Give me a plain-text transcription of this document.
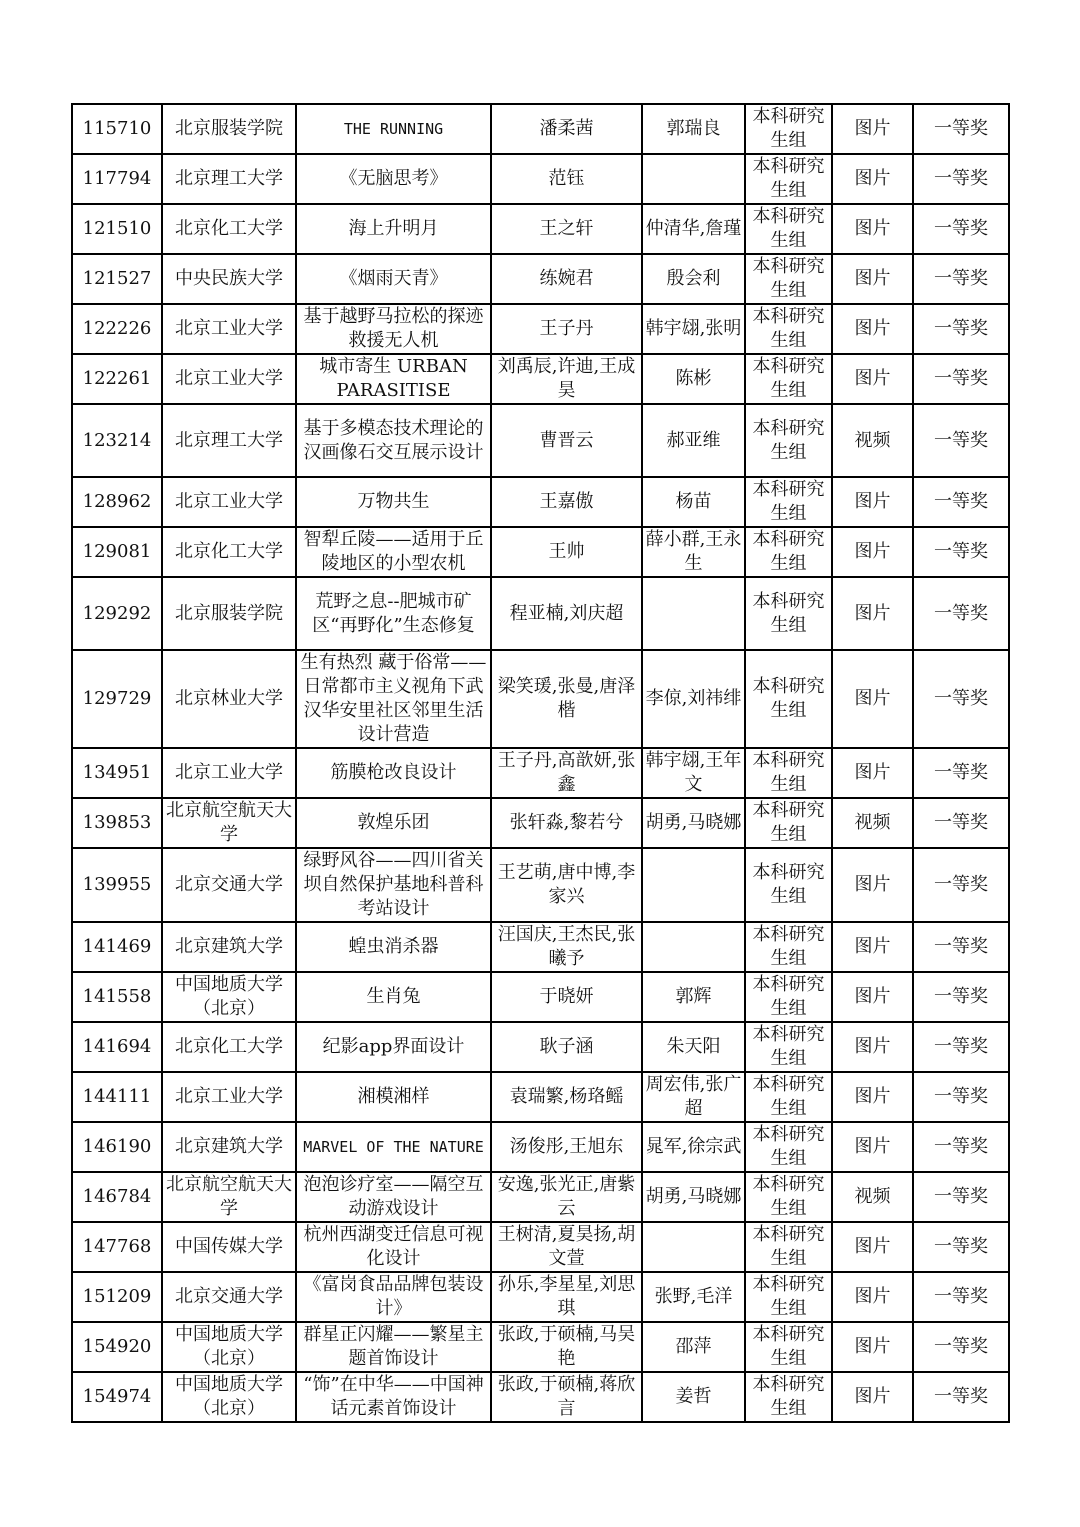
115710	北京服装学院	THE RUNNING	潘柔茜	郭瑞良	本科研究生组	图片	一等奖
117794	北京理工大学	《无脑思考》	范钰		本科研究生组	图片	一等奖
121510	北京化工大学	海上升明月	王之轩	仲清华,詹瑾	本科研究生组	图片	一等奖
121527	中央民族大学	《烟雨天青》	练婉君	殷会利	本科研究生组	图片	一等奖
122226	北京工业大学	基于越野马拉松的探迹救援无人机	王子丹	韩宇翃,张明	本科研究生组	图片	一等奖
122261	北京工业大学	城市寄生 URBAN PARASITISE	刘禹辰,许迪,王成昊	陈彬	本科研究生组	图片	一等奖
123214	北京理工大学	基于多模态技术理论的汉画像石交互展示设计	曹晋云	郝亚维	本科研究生组	视频	一等奖
128962	北京工业大学	万物共生	王嘉傲	杨苗	本科研究生组	图片	一等奖
129081	北京化工大学	智犁丘陵——适用于丘陵地区的小型农机	王帅	薛小群,王永生	本科研究生组	图片	一等奖
129292	北京服装学院	荒野之息--肥城市矿区“再野化”生态修复	程亚楠,刘庆超		本科研究生组	图片	一等奖
129729	北京林业大学	生有热烈 藏于俗常——日常都市主义视角下武汉华安里社区邻里生活设计营造	梁笑瑗,张曼,唐泽楷	李倞,刘祎绯	本科研究生组	图片	一等奖
134951	北京工业大学	筋膜枪改良设计	王子丹,高歆妍,张鑫	韩宇翃,王年文	本科研究生组	图片	一等奖
139853	北京航空航天大学	敦煌乐团	张轩淼,黎若兮	胡勇,马晓娜	本科研究生组	视频	一等奖
139955	北京交通大学	绿野风谷——四川省关坝自然保护基地科普科考站设计	王艺萌,唐中博,李家兴		本科研究生组	图片	一等奖
141469	北京建筑大学	蝗虫消杀器	汪国庆,王杰民,张曦予		本科研究生组	图片	一等奖
141558	中国地质大学（北京）	生肖兔	于晓妍	郭辉	本科研究生组	图片	一等奖
141694	北京化工大学	纪影app界面设计	耿子涵	朱天阳	本科研究生组	图片	一等奖
144111	北京工业大学	湘模湘样	袁瑞繁,杨珞鳐	周宏伟,张广超	本科研究生组	图片	一等奖
146190	北京建筑大学	MARVEL OF THE NATURE	汤俊彤,王旭东	晁军,徐宗武	本科研究生组	图片	一等奖
146784	北京航空航天大学	泡泡诊疗室——隔空互动游戏设计	安逸,张光正,唐紫云	胡勇,马晓娜	本科研究生组	视频	一等奖
147768	中国传媒大学	杭州西湖变迁信息可视化设计	王树清,夏昊扬,胡文萱		本科研究生组	图片	一等奖
151209	北京交通大学	《富岗食品品牌包装设计》	孙乐,李星星,刘思琪	张野,毛洋	本科研究生组	图片	一等奖
154920	中国地质大学（北京）	群星正闪耀——繁星主题首饰设计	张政,于硕楠,马吴艳	邵萍	本科研究生组	图片	一等奖
154974	中国地质大学（北京）	“饰”在中华——中国神话元素首饰设计	张政,于硕楠,蒋欣言	姜哲	本科研究生组	图片	一等奖
